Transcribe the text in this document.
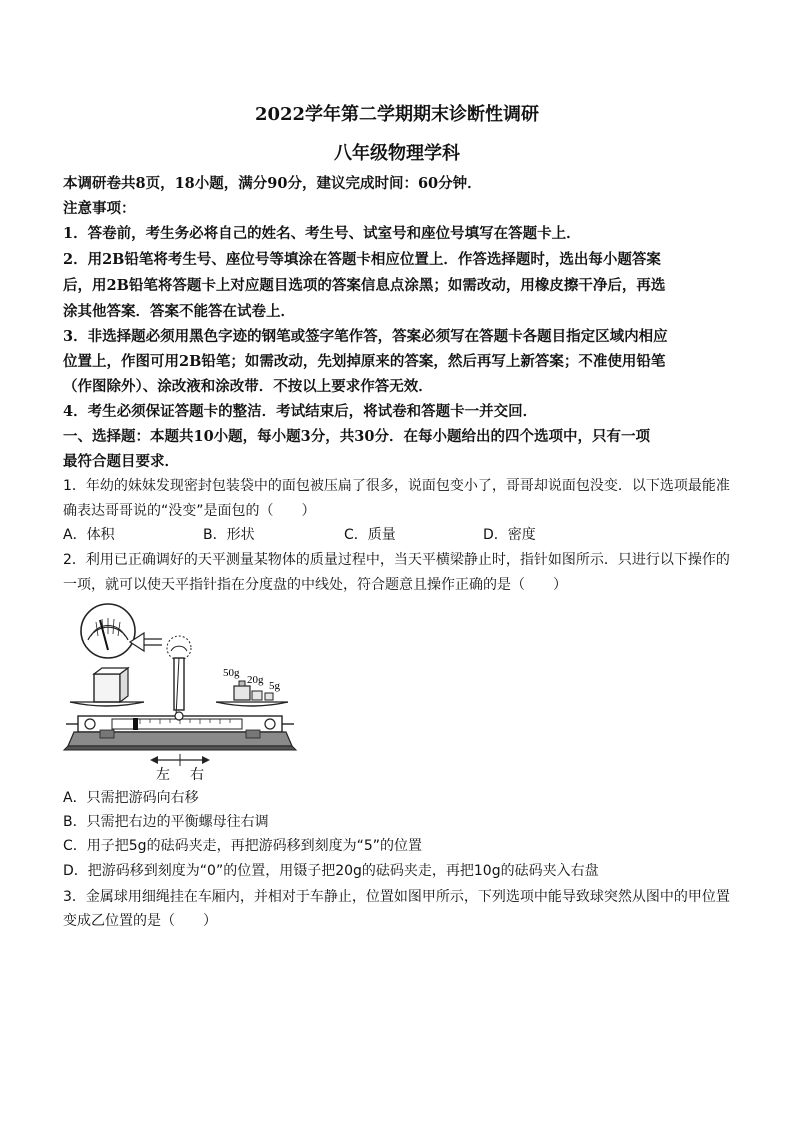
2022学年第二学期期末诊断性调研
八年级物理学科
本调研卷共8页，18小题，满分90分，建议完成时间：60分钟．
注意事项：
1．答卷前，考生务必将自己的姓名、考生号、试室号和座位号填写在答题卡上．
2．用2B铅笔将考生号、座位号等填涂在答题卡相应位置上．作答选择题时，选出每小题答案
后，用2B铅笔将答题卡上对应题目选项的答案信息点涂黑；如需改动，用橡皮擦干净后，再选
涂其他答案．答案不能答在试卷上．
3．非选择题必须用黑色字迹的钢笔或签字笔作答，答案必须写在答题卡各题目指定区域内相应
位置上，作图可用2B铅笔；如需改动，先划掉原来的答案，然后再写上新答案；不准使用铅笔
（作图除外）、涂改液和涂改带．不按以上要求作答无效．
4．考生必须保证答题卡的整洁．考试结束后，将试卷和答题卡一并交回．
一、选择题：本题共10小题，每小题3分，共30分．在每小题给出的四个选项中，只有一项
最符合题目要求．
1．年幼的妹妹发现密封包装袋中的面包被压扁了很多，说面包变小了，哥哥却说面包没变．以下选项最能准
确表达哥哥说的“没变”是面包的（　　）
A．体积	B．形状	C．质量	D．密度
2．利用已正确调好的天平测量某物体的质量过程中，当天平横梁静止时，指针如图所示．只进行以下操作的
一项，就可以使天平指针指在分度盘的中线处，符合题意且操作正确的是（　　）
50g
20g 5g
左 右
A．只需把游码向右移
B．只需把右边的平衡螺母往右调
C．用子把5g的砝码夹走，再把游码移到刻度为“5”的位置
D．把游码移到刻度为“0”的位置，用镊子把20g的砝码夹走，再把10g的砝码夹入右盘
3．金属球用细绳挂在车厢内，并相对于车静止，位置如图甲所示，下列选项中能导致球突然从图中的甲位置
变成乙位置的是（　　）
